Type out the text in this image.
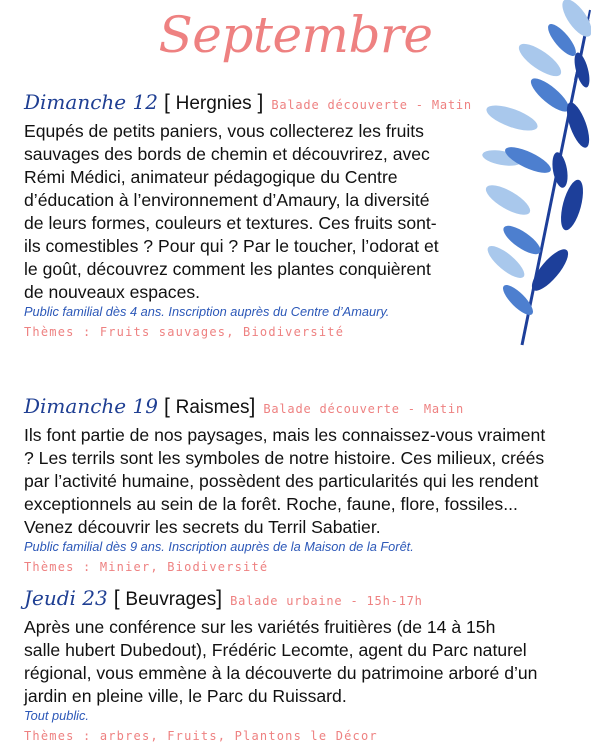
Septembre
Dimanche 12 [ Hergnies ] Balade découverte - Matin
Equpés de petits paniers, vous collecterez les fruits
sauvages des bords de chemin et découvrirez, avec
Rémi Médici, animateur pédagogique du Centre
d’éducation à l’environnement d’Amaury, la diversité
de leurs formes, couleurs et textures. Ces fruits sont-
ils comestibles ? Pour qui ? Par le toucher, l’odorat et
le goût, découvrez comment les plantes conquièrent
de nouveaux espaces.
Public familial dès 4 ans. Inscription auprès du Centre d’Amaury.
Thèmes : Fruits sauvages, Biodiversité
Dimanche 19 [ Raismes] Balade découverte - Matin
Ils font partie de nos paysages, mais les connaissez-vous vraiment
? Les terrils sont les symboles de notre histoire. Ces milieux, créés
par l’activité humaine, possèdent des particularités qui les rendent
exceptionnels au sein de la forêt. Roche, faune, flore, fossiles...
Venez découvrir les secrets du Terril Sabatier.
Public familial dès 9 ans. Inscription auprès de la Maison de la Forêt.
Thèmes : Minier, Biodiversité
Jeudi 23 [ Beuvrages] Balade urbaine - 15h-17h
Après une conférence sur les variétés fruitières (de 14 à 15h
salle hubert Dubedout), Frédéric Lecomte, agent du Parc naturel
régional, vous emmène à la découverte du patrimoine arboré d’un
jardin en pleine ville, le Parc du Ruissard.
Tout public.
Thèmes : arbres, Fruits, Plantons le Décor
